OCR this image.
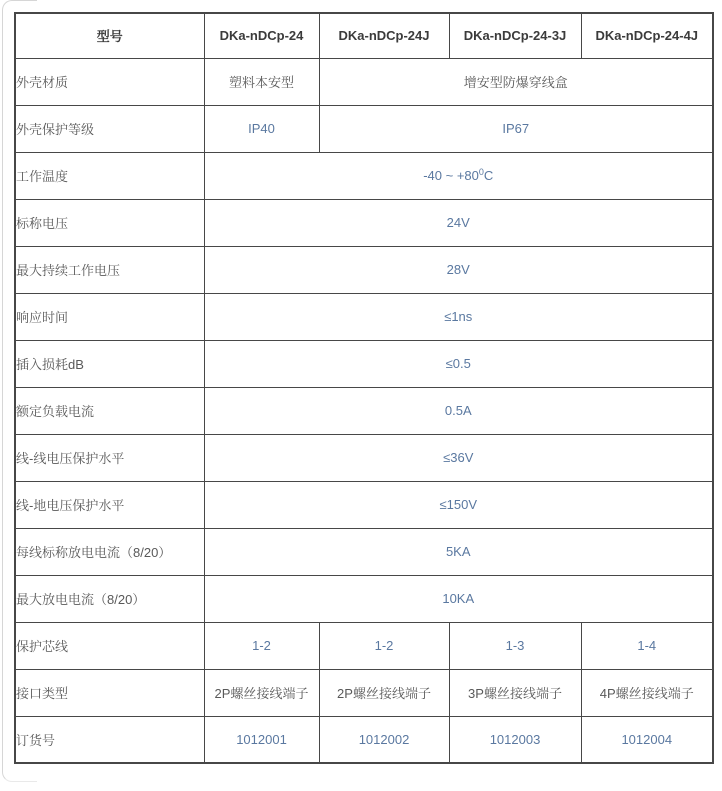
型号	DKa-nDCp-24	DKa-nDCp-24J	DKa-nDCp-24-3J	DKa-nDCp-24-4J
外壳材质	塑料本安型	增安型防爆穿线盒		
外壳保护等级	IP40	IP67		
工作温度	-40 ~ $+80^0C$			
标称电压	24V			
最大持续工作电压	28V			
响应时间	≤1ns			
插入损耗dB	≤0.5			
额定负载电流	0.5A			
线-线电压保护水平	≤36V			
线-地电压保护水平	≤150V			
每线标称放电电流（8/20）	5KA			
最大放电电流（8/20）	10KA			
保护芯线	1-2	1-2	1-3	1-4
接口类型	2P螺丝接线端子	2P螺丝接线端子	3P螺丝接线端子	4P螺丝接线端子
订货号	1012001	1012002	1012003	1012004
